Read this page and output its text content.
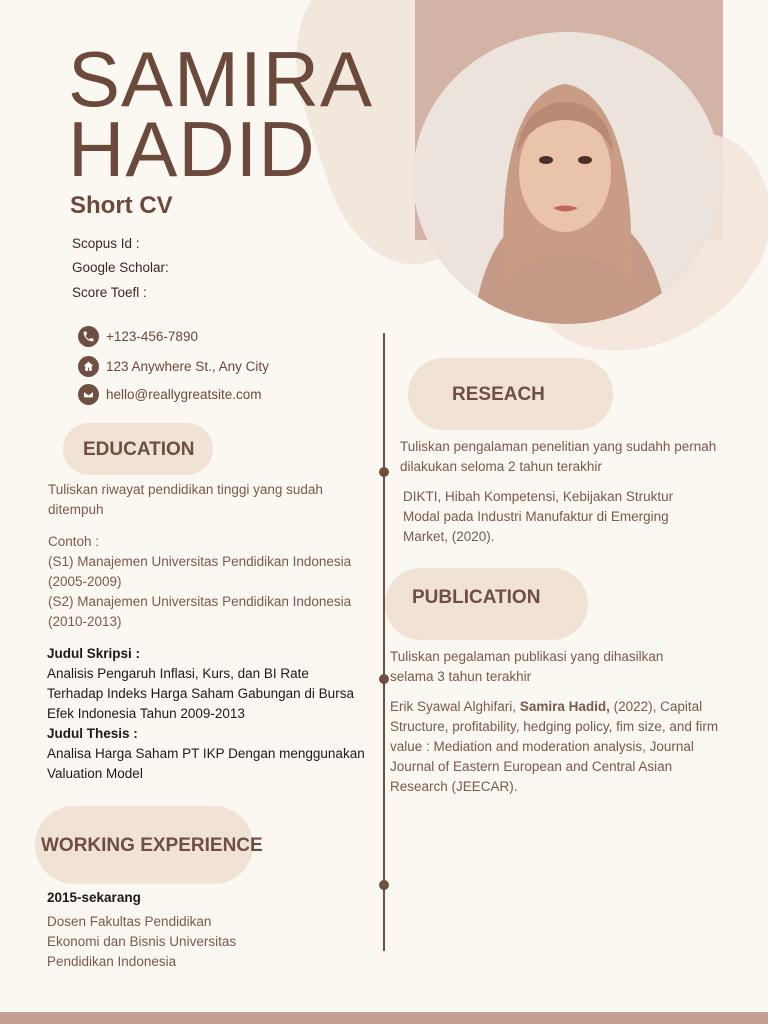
SAMIRA
HADID
Short CV
Scopus Id :
Google Scholar:
Score Toefl :
+123-456-7890
123 Anywhere St., Any City
hello@reallygreatsite.com
EDUCATION
Tuliskan riwayat pendidikan tinggi yang sudah ditempuh
Contoh :
(S1) Manajemen Universitas Pendidikan Indonesia (2005-2009)
(S2) Manajemen Universitas Pendidikan Indonesia (2010-2013)
Judul Skripsi :
Analisis Pengaruh Inflasi, Kurs, dan BI Rate Terhadap Indeks Harga Saham Gabungan di Bursa Efek Indonesia Tahun 2009-2013
Judul Thesis :
Analisa Harga Saham PT IKP Dengan menggunakan Valuation Model
WORKING EXPERIENCE
2015-sekarang
Dosen Fakultas Pendidikan Ekonomi dan Bisnis Universitas Pendidikan Indonesia
RESEACH
Tuliskan pengalaman penelitian yang sudahh pernah dilakukan seloma 2 tahun terakhir
DIKTI, Hibah Kompetensi, Kebijakan Struktur Modal pada Industri Manufaktur di Emerging Market, (2020).
PUBLICATION
Tuliskan pegalaman publikasi yang dihasilkan selama 3 tahun terakhir
Erik Syawal Alghifari, Samira Hadid, (2022), Capital Structure, profitability, hedging policy, fim size, and firm value : Mediation and moderation analysis, Journal Journal of Eastern European and Central Asian Research (JEECAR).
